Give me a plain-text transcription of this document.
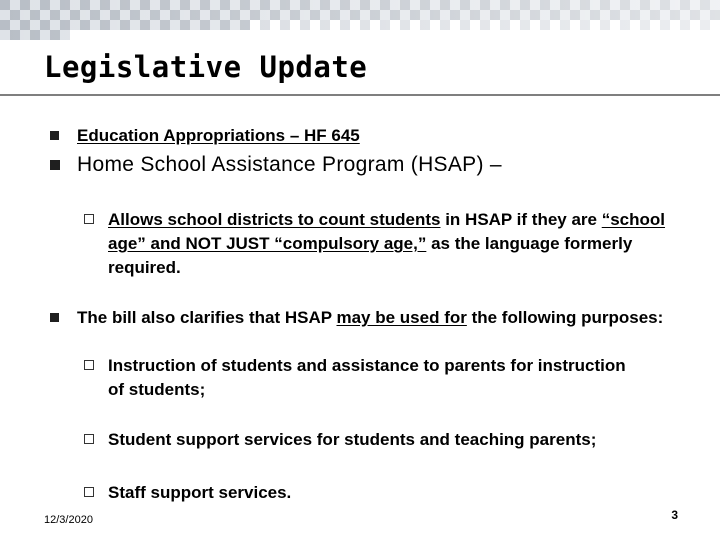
Legislative Update
Education Appropriations – HF 645
Home School Assistance Program (HSAP) –
Allows school districts to count students in HSAP if they are “school age” and NOT JUST “compulsory age,” as the language formerly required.
The bill also clarifies that HSAP may be used for the following purposes:
Instruction of students and assistance to parents for instruction of students;
Student support services for students and teaching parents;
Staff support services.
12/3/2020	3
